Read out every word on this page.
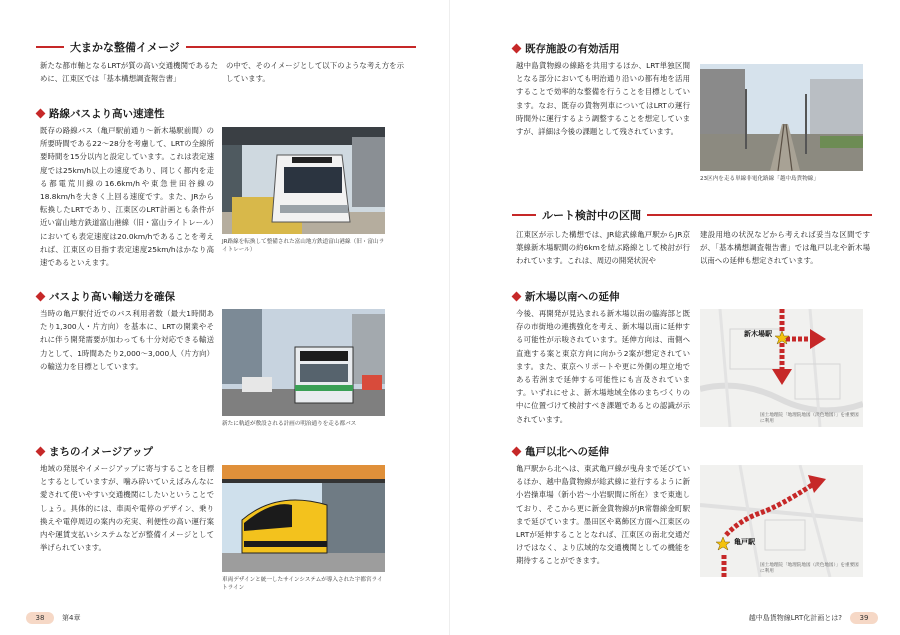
大まかな整備イメージ
新たな都市軸となるLRTが質の高い交通機関であるために、江東区では「基本構想調査報告書」
の中で、そのイメージとして以下のような考え方を示しています。
路線バスより高い速達性
既存の路線バス（亀戸駅前通り～新木場駅前間）の所要時間である22～28分を考慮して、LRTの全線所要時間を15分以内と設定しています。これは表定速度では25km/h以上の速度であり、同じく都内を走る都電荒川線の16.6km/hや東急世田谷線の18.8km/hを大きく上回る速度です。また、JRから転換したLRTであり、江東区のLRT計画とも条件が近い富山地方鉄道富山港線（旧・富山ライトレール）においても表定速度は20.0km/hであることを考えれば、江東区の目指す表定速度25km/hはかなり高速であるといえます。
JR路線を転換して整備された富山地方鉄道富山港線（旧・富山ライトレール）
バスより高い輸送力を確保
当時の亀戸駅付近でのバス利用者数（最大1時間あたり1,300人・片方向）を基本に、LRTの開業やそれに伴う開発需要が加わっても十分対応できる輸送力として、1時間あたり2,000～3,000人（片方向）の輸送力を目標としています。
新たに軌道が敷設される計画の明治通りを走る都バス
まちのイメージアップ
地域の発展やイメージアップに寄与することを目標とするとしていますが、噛み砕いていえばみんなに愛されて使いやすい交通機関にしたいということでしょう。具体的には、車両や電停のデザイン、乗り換えや電停周辺の案内の充実、利便性の高い運行案内や運賃支払いシステムなどが整備イメージとして挙げられています。
車両デザインと統一したサインシステムが導入された宇都宮ライトライン
38	第4章
既存施設の有効活用
越中島貨物線の線路を共用するほか、LRT単独区間となる部分においても明治通り沿いの都有地を活用することで効率的な整備を行うことを目標としています。なお、既存の貨物列車についてはLRTの運行時間外に運行するよう調整することを想定していますが、詳細は今後の課題として残されています。
23区内を走る単線非電化路線「越中島貨物線」
ルート検討中の区間
江東区が示した構想では、JR総武線亀戸駅からJR京葉線新木場駅間の約6kmを結ぶ路線として検討が行われています。これは、周辺の開発状況や
建設用地の状況などから考えれば妥当な区間ですが、「基本構想調査報告書」では亀戸以北や新木場以南への延伸も想定されています。
新木場以南への延伸
今後、再開発が見込まれる新木場以南の臨海部と既存の市街地の連携強化を考え、新木場以南に延伸する可能性が示唆されています。延伸方向は、南側へ直進する案と東京方向に向かう2案が想定されています。また、東京ヘリポートや更に外側の埋立地である若洲まで延伸する可能性にも言及されています。いずれにせよ、新木場地域全体のまちづくりの中に位置づけて検討すべき課題であるとの認識が示されています。
新木場駅
国土地理院「地理院地図（淡色地図）」を重要図に利用
亀戸以北への延伸
亀戸駅から北へは、東武亀戸線が曳舟まで延びているほか、越中島貨物線が総武線に並行するように新小岩操車場（新小岩～小岩駅間に所在）まで東進しており、そこから更に新金貨物線がJR常磐線金町駅まで延びています。墨田区や葛飾区方面へ江東区のLRTが延伸することとなれば、江東区の南北交通だけではなく、より広域的な交通機関としての機能を期待することができます。
亀戸駅
国土地理院「地理院地図（淡色地図）」を重要図に利用
越中島貨物線LRT化計画とは?	39
